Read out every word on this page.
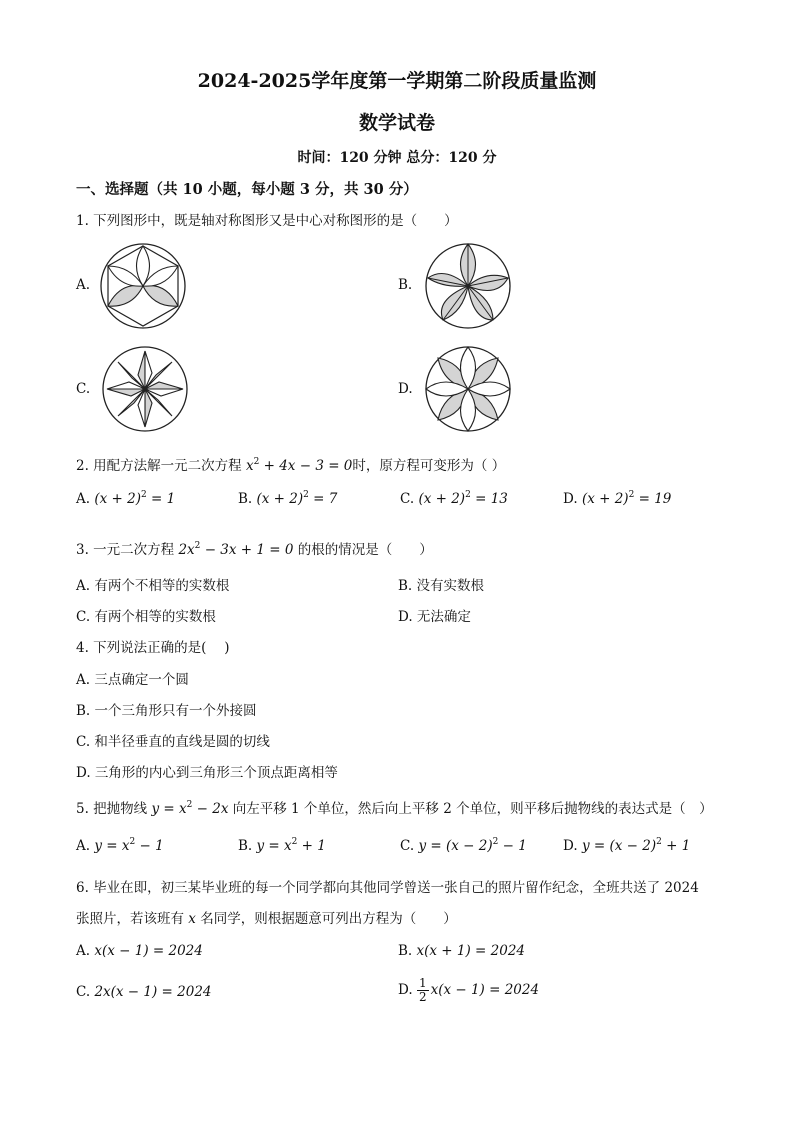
2024-2025学年度第一学期第二阶段质量监测
数学试卷
时间：120 分钟 总分：120 分
一、选择题（共 10 小题，每小题 3 分，共 30 分）
1. 下列图形中，既是轴对称图形又是中心对称图形的是（　　）
A.	B.
C.	D.
2. 用配方法解一元二次方程 $x^2 + 4x - 3 = 0$时，原方程可变形为（ ）
A. $(x + 2)^2 = 1$	B. $(x + 2)^2 = 7$	C. $(x + 2)^2 = 13$	D. $(x + 2)^2 = 19$
3. 一元二次方程 $2x^2 - 3x + 1 = 0$ 的根的情况是（　　）
A. 有两个不相等的实数根	B. 没有实数根
C. 有两个相等的实数根	D. 无法确定
4. 下列说法正确的是(　 )
A. 三点确定一个圆
B. 一个三角形只有一个外接圆
C. 和半径垂直的直线是圆的切线
D. 三角形的内心到三角形三个顶点距离相等
5. 把抛物线 $y = x^2 - 2x$ 向左平移 1 个单位，然后向上平移 2 个单位，则平移后抛物线的表达式是（　）
A. $y = x^2 - 1$	B. $y = x^2 + 1$	C. $y = (x - 2)^2 - 1$	D. $y = (x - 2)^2 + 1$
6. 毕业在即，初三某毕业班的每一个同学都向其他同学曾送一张自己的照片留作纪念，全班共送了 2024
张照片，若该班有 x 名同学，则根据题意可列出方程为（　　）
A. x(x − 1) = 2024	B. x(x + 1) = 2024
C. 2x(x − 1) = 2024	D. $\frac{1}{2} x(x - 1) = 2024$
